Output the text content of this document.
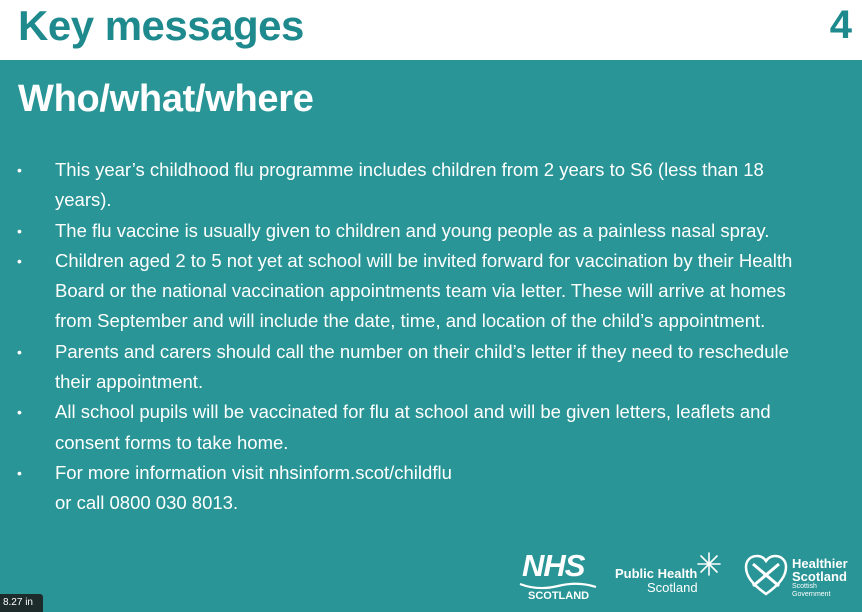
Key messages	4
Who/what/where
• This year’s childhood flu programme includes children from 2 years to S6 (less than 18 years).
• The flu vaccine is usually given to children and young people as a painless nasal spray.
• Children aged 2 to 5 not yet at school will be invited forward for vaccination by their Health Board or the national vaccination appointments team via letter. These will arrive at homes from September and will include the date, time, and location of the child’s appointment.
• Parents and carers should call the number on their child’s letter if they need to reschedule their appointment.
• All school pupils will be vaccinated for flu at school and will be given letters, leaflets and consent forms to take home.
• For more information visit nhsinform.scot/childflu
or call 0800 030 8013.
NHS
SCOTLAND
Public Health
Scotland
Healthier
Scotland
Scottish Government
8.27 in
